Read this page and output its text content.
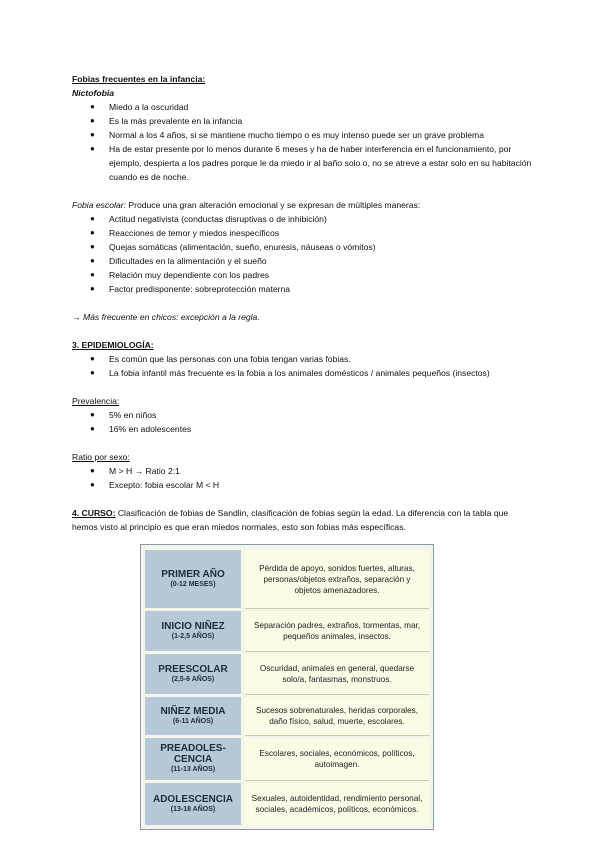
Fobias frecuentes en la infancia:
Nictofobia
● Miedo a la oscuridad
● Es la más prevalente en la infancia
● Normal a los 4 años, si se mantiene mucho tiempo o es muy intenso puede ser un grave problema
● Ha de estar presente por lo menos durante 6 meses y ha de haber interferencia en el funcionamiento, por ejemplo, despierta a los padres porque le da miedo ir al baño solo o, no se atreve a estar solo en su habitación cuando es de noche.
Fobia escolar: Produce una gran alteración emocional y se expresan de múltiples maneras:
● Actitud negativista (conductas disruptivas o de inhibición)
● Reacciones de temor y miedos inespecíficos
● Quejas somáticas (alimentación, sueño, enuresis, náuseas o vómitos)
● Dificultades en la alimentación y el sueño
● Relación muy dependiente con los padres
● Factor predisponente: sobreprotección materna
→ Más frecuente en chicos: excepción a la regla.
3. EPIDEMIOLOGÍA:
● Es común que las personas con una fobia tengan varias fobias.
● La fobia infantil más frecuente es la fobia a los animales domésticos / animales pequeños (insectos)
Prevalencia:
● 5% en niños
● 16% en adolescentes
Ratio por sexo:
● M > H → Ratio 2:1
● Excepto: fobia escolar M < H
4. CURSO: Clasificación de fobias de Sandlin, clasificación de fobias según la edad. La diferencia con la tabla que hemos visto al principio es que eran miedos normales, esto son fobias más específicas.
PRIMER AÑO
(0-12 MESES)
Pérdida de apoyo, sonidos fuertes, alturas, personas/objetos extraños, separación y objetos amenazadores.
INICIO NIÑEZ
(1-2,5 AÑOS)
Separación padres, extraños, tormentas, mar, pequeños animales, insectos.
PREESCOLAR
(2,5-6 AÑOS)
Oscuridad, animales en general, quedarse solo/a, fantasmas, monstruos.
NIÑEZ MEDIA
(6-11 AÑOS)
Sucesos sobrenaturales, heridas corporales, daño físico, salud, muerte, escolares.
PREADOLES-CENCIA
(11-13 AÑOS)
Escolares, sociales, económicos, políticos, autoimagen.
ADOLESCENCIA
(13-18 AÑOS)
Sexuales, autoidentidad, rendimiento personal, sociales, académicos, políticos, económicos.
